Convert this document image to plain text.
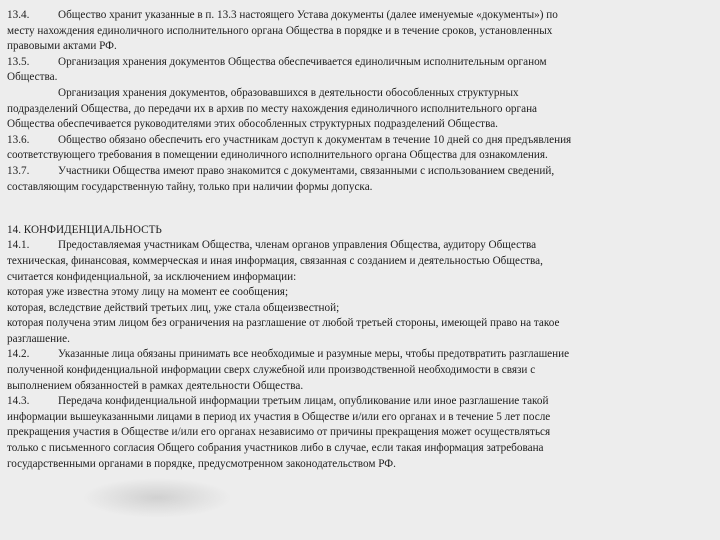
13.4.	Общество хранит указанные в п. 13.3 настоящего Устава документы (далее именуемые «документы») по
месту нахождения единоличного исполнительного органа Общества в порядке и в течение сроков, установленных
правовыми актами РФ.
13.5.	Организация хранения документов Общества обеспечивается единоличным исполнительным органом
Общества.
Организация хранения документов, образовавшихся в деятельности обособленных структурных
подразделений Общества, до передачи их в архив по месту нахождения единоличного исполнительного органа
Общества обеспечивается руководителями этих обособленных структурных подразделений Общества.
13.6.	Общество обязано обеспечить его участникам доступ к документам в течение 10 дней со дня предъявления
соответствующего требования в помещении единоличного исполнительного органа Общества для ознакомления.
13.7.	Участники Общества имеют право знакомится с документами, связанными с использованием сведений,
составляющим государственную тайну, только при наличии формы допуска.
14. КОНФИДЕНЦИАЛЬНОСТЬ
14.1.	Предоставляемая участникам Общества, членам органов управления Общества, аудитору Общества
техническая, финансовая, коммерческая и иная информация, связанная с созданием и деятельностью Общества,
считается конфиденциальной, за исключением информации:
которая уже известна этому лицу на момент ее сообщения;
которая, вследствие действий третьих лиц, уже стала общеизвестной;
которая получена этим лицом без ограничения на разглашение от любой третьей стороны, имеющей право на такое
разглашение.
14.2.	Указанные лица обязаны принимать все необходимые и разумные меры, чтобы предотвратить разглашение
полученной конфиденциальной информации сверх служебной или производственной необходимости в связи с
выполнением обязанностей в рамках деятельности Общества.
14.3.	Передача конфиденциальной информации третьим лицам, опубликование или иное разглашение такой
информации вышеуказанными лицами в период их участия в Обществе и/или его органах и в течение 5 лет после
прекращения участия в Обществе и/или его органах независимо от причины прекращения может осуществляться
только с письменного согласия Общего собрания участников либо в случае, если такая информация затребована
государственными органами в порядке, предусмотренном законодательством РФ.
